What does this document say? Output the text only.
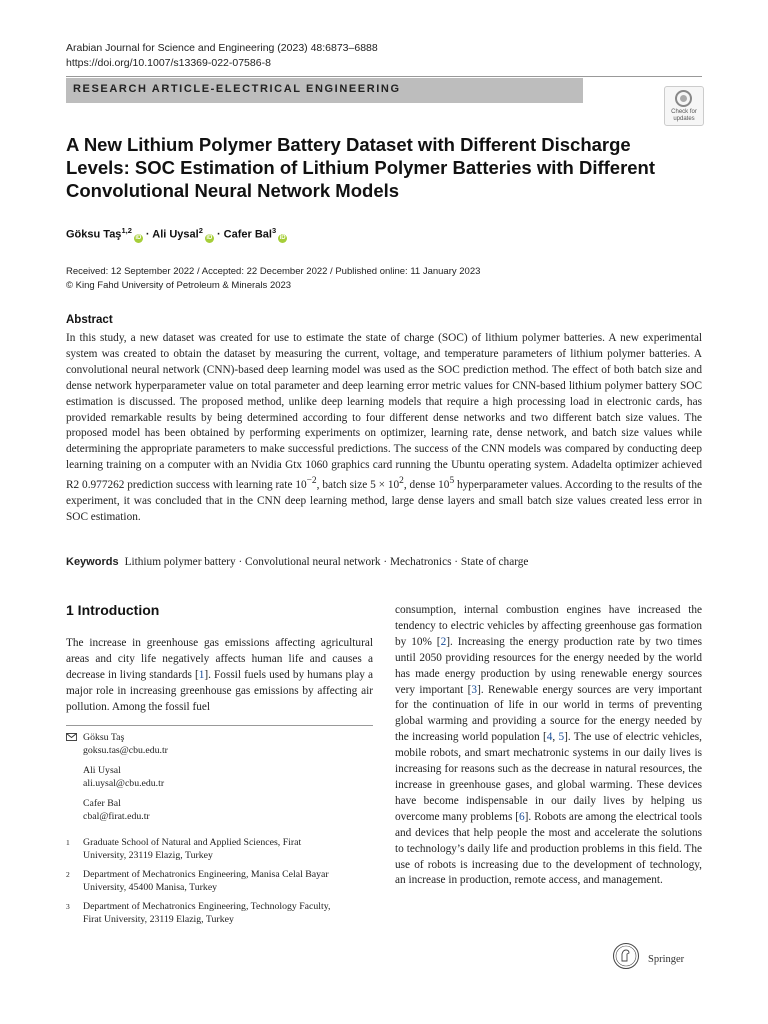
Arabian Journal for Science and Engineering (2023) 48:6873–6888
https://doi.org/10.1007/s13369-022-07586-8
RESEARCH ARTICLE-ELECTRICAL ENGINEERING
Check for
updates
A New Lithium Polymer Battery Dataset with Different Discharge Levels: SOC Estimation of Lithium Polymer Batteries with Different Convolutional Neural Network Models
Göksu Taş$^{1,2}$iD · Ali Uysal$^2$iD · Cafer Bal$^3$iD
Received: 12 September 2022 / Accepted: 22 December 2022 / Published online: 11 January 2023
© King Fahd University of Petroleum & Minerals 2023
Abstract
In this study, a new dataset was created for use to estimate the state of charge (SOC) of lithium polymer batteries. A new experimental system was created to obtain the dataset by measuring the current, voltage, and temperature parameters of lithium polymer batteries. A convolutional neural network (CNN)-based deep learning model was used as the SOC prediction method. The effect of both batch size and dense network hyperparameter value on total parameter and deep learning error metric values for CNN-based lithium polymer battery SOC estimation is discussed. The proposed method, unlike deep learning models that require a high processing load in electronic cards, has provided remarkable results by being determined according to four different dense networks and two different batch size values. The proposed model has been obtained by performing experiments on optimizer, learning rate, dense network, and batch size values while determining the appropriate parameters to make successful predictions. The success of the CNN models was compared by conducting deep learning training on a computer with an Nvidia Gtx 1060 graphics card running the Ubuntu operating system. Adadelta optimizer achieved R2 0.977262 prediction success with learning rate $10^{-2}$, batch size $5 \times 10^2$, dense $10^5$ hyperparameter values. According to the results of the experiment, it was concluded that in the CNN deep learning method, large dense layers and small batch size values created less error in SOC estimation.
Keywords Lithium polymer battery · Convolutional neural network · Mechatronics · State of charge
1 Introduction
The increase in greenhouse gas emissions affecting agricultural areas and city life negatively affects human life and causes a decrease in living standards [1]. Fossil fuels used by humans play a major role in increasing greenhouse gas emissions by affecting air pollution. Among the fossil fuel
consumption, internal combustion engines have increased the tendency to electric vehicles by affecting greenhouse gas formation by 10% [2]. Increasing the energy production rate by two times until 2050 providing resources for the energy needed by the world has made energy production by using renewable energy sources very important [3]. Renewable energy sources are very important for the continuation of life in our world in terms of preventing global warming and providing a source for the energy needed by the increasing world population [4, 5]. The use of electric vehicles, mobile robots, and smart mechatronic systems in our daily lives is increasing for reasons such as the decrease in natural resources, the increase in greenhouse gases, and global warming. These devices have become indispensable in our daily lives by helping us overcome many problems [6]. Robots are among the electrical tools and devices that help people the most and accelerate the solutions to technology’s daily life and production problems in this field. The use of robots is increasing due to the development of technology, an increase in production, remote access, and management.
Göksu Taş
goksu.tas@cbu.edu.tr
Ali Uysal
ali.uysal@cbu.edu.tr
Cafer Bal
cbal@firat.edu.tr
1 Graduate School of Natural and Applied Sciences, Firat University, 23119 Elazig, Turkey
2 Department of Mechatronics Engineering, Manisa Celal Bayar University, 45400 Manisa, Turkey
3 Department of Mechatronics Engineering, Technology Faculty, Firat University, 23119 Elazig, Turkey
Springer
